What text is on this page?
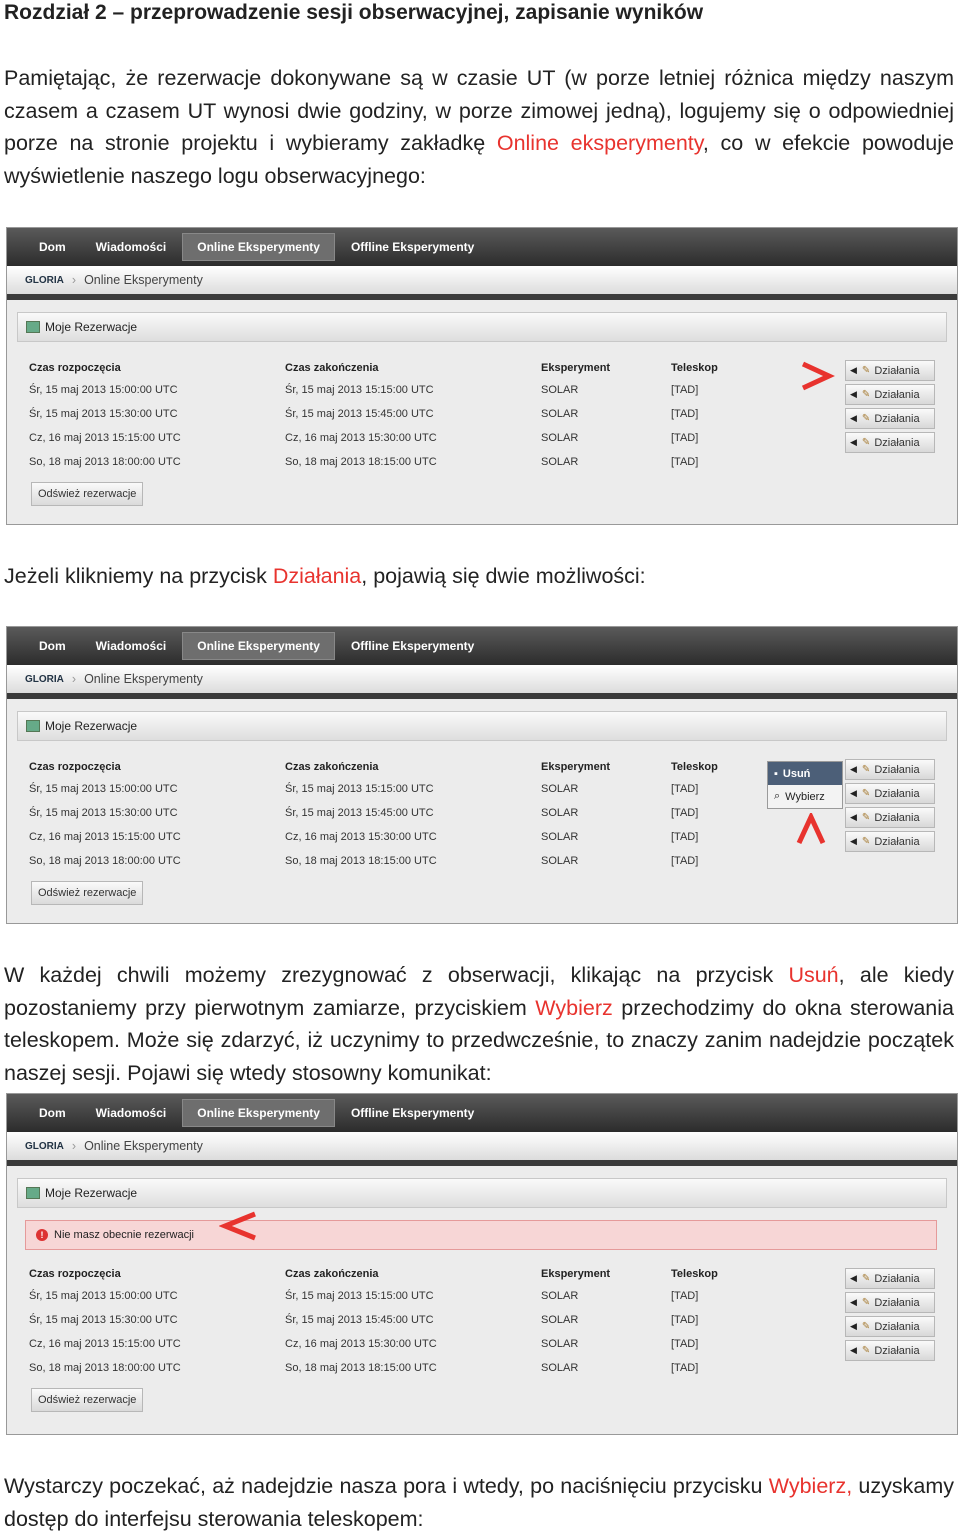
Rozdział 2 – przeprowadzenie sesji obserwacyjnej, zapisanie wyników

Pamiętając, że rezerwacje dokonywane są w czasie UT (w porze letniej różnica między naszym czasem a czasem UT wynosi dwie godziny, w porze zimowej jedną), logujemy się o odpowiedniej porze na stronie projektu i wybieramy zakładkę Online eksperymenty, co w efekcie powoduje wyświetlenie naszego logu obserwacyjnego:

Dom	Wiadomości	Online Eksperymenty	Offline Eksperymenty
GLORIA › Online Eksperymenty
Moje Rezerwacje
Czas rozpoczęcia	Czas zakończenia	Eksperyment	Teleskop
Śr, 15 maj 2013 15:00:00 UTC	Śr, 15 maj 2013 15:15:00 UTC	SOLAR	[TAD]
Śr, 15 maj 2013 15:30:00 UTC	Śr, 15 maj 2013 15:45:00 UTC	SOLAR	[TAD]
Cz, 16 maj 2013 15:15:00 UTC	Cz, 16 maj 2013 15:30:00 UTC	SOLAR	[TAD]
So, 18 maj 2013 18:00:00 UTC	So, 18 maj 2013 18:15:00 UTC	SOLAR	[TAD]
◀ ✎ Działania
◀ ✎ Działania
◀ ✎ Działania
◀ ✎ Działania
Odśwież rezerwacje

Jeżeli klikniemy na przycisk Działania, pojawią się dwie możliwości:

Dom	Wiadomości	Online Eksperymenty	Offline Eksperymenty
GLORIA › Online Eksperymenty
Moje Rezerwacje
Czas rozpoczęcia	Czas zakończenia	Eksperyment	Teleskop
Śr, 15 maj 2013 15:00:00 UTC	Śr, 15 maj 2013 15:15:00 UTC	SOLAR	[TAD]
Śr, 15 maj 2013 15:30:00 UTC	Śr, 15 maj 2013 15:45:00 UTC	SOLAR	[TAD]
Cz, 16 maj 2013 15:15:00 UTC	Cz, 16 maj 2013 15:30:00 UTC	SOLAR	[TAD]
So, 18 maj 2013 18:00:00 UTC	So, 18 maj 2013 18:15:00 UTC	SOLAR	[TAD]
▪ Usuń
⌕ Wybierz
◀ ✎ Działania
◀ ✎ Działania
◀ ✎ Działania
◀ ✎ Działania
Odśwież rezerwacje

W każdej chwili możemy zrezygnować z obserwacji, klikając na przycisk Usuń, ale kiedy pozostaniemy przy pierwotnym zamiarze, przyciskiem Wybierz przechodzimy do okna sterowania teleskopem. Może się zdarzyć, iż uczynimy to przedwcześnie, to znaczy zanim nadejdzie początek naszej sesji. Pojawi się wtedy stosowny komunikat:

Dom	Wiadomości	Online Eksperymenty	Offline Eksperymenty
GLORIA › Online Eksperymenty
Moje Rezerwacje
! Nie masz obecnie rezerwacji
Czas rozpoczęcia	Czas zakończenia	Eksperyment	Teleskop
Śr, 15 maj 2013 15:00:00 UTC	Śr, 15 maj 2013 15:15:00 UTC	SOLAR	[TAD]
Śr, 15 maj 2013 15:30:00 UTC	Śr, 15 maj 2013 15:45:00 UTC	SOLAR	[TAD]
Cz, 16 maj 2013 15:15:00 UTC	Cz, 16 maj 2013 15:30:00 UTC	SOLAR	[TAD]
So, 18 maj 2013 18:00:00 UTC	So, 18 maj 2013 18:15:00 UTC	SOLAR	[TAD]
◀ ✎ Działania
◀ ✎ Działania
◀ ✎ Działania
◀ ✎ Działania
Odśwież rezerwacje

Wystarczy poczekać, aż nadejdzie nasza pora i wtedy, po naciśnięciu przycisku Wybierz, uzyskamy dostęp do interfejsu sterowania teleskopem:
